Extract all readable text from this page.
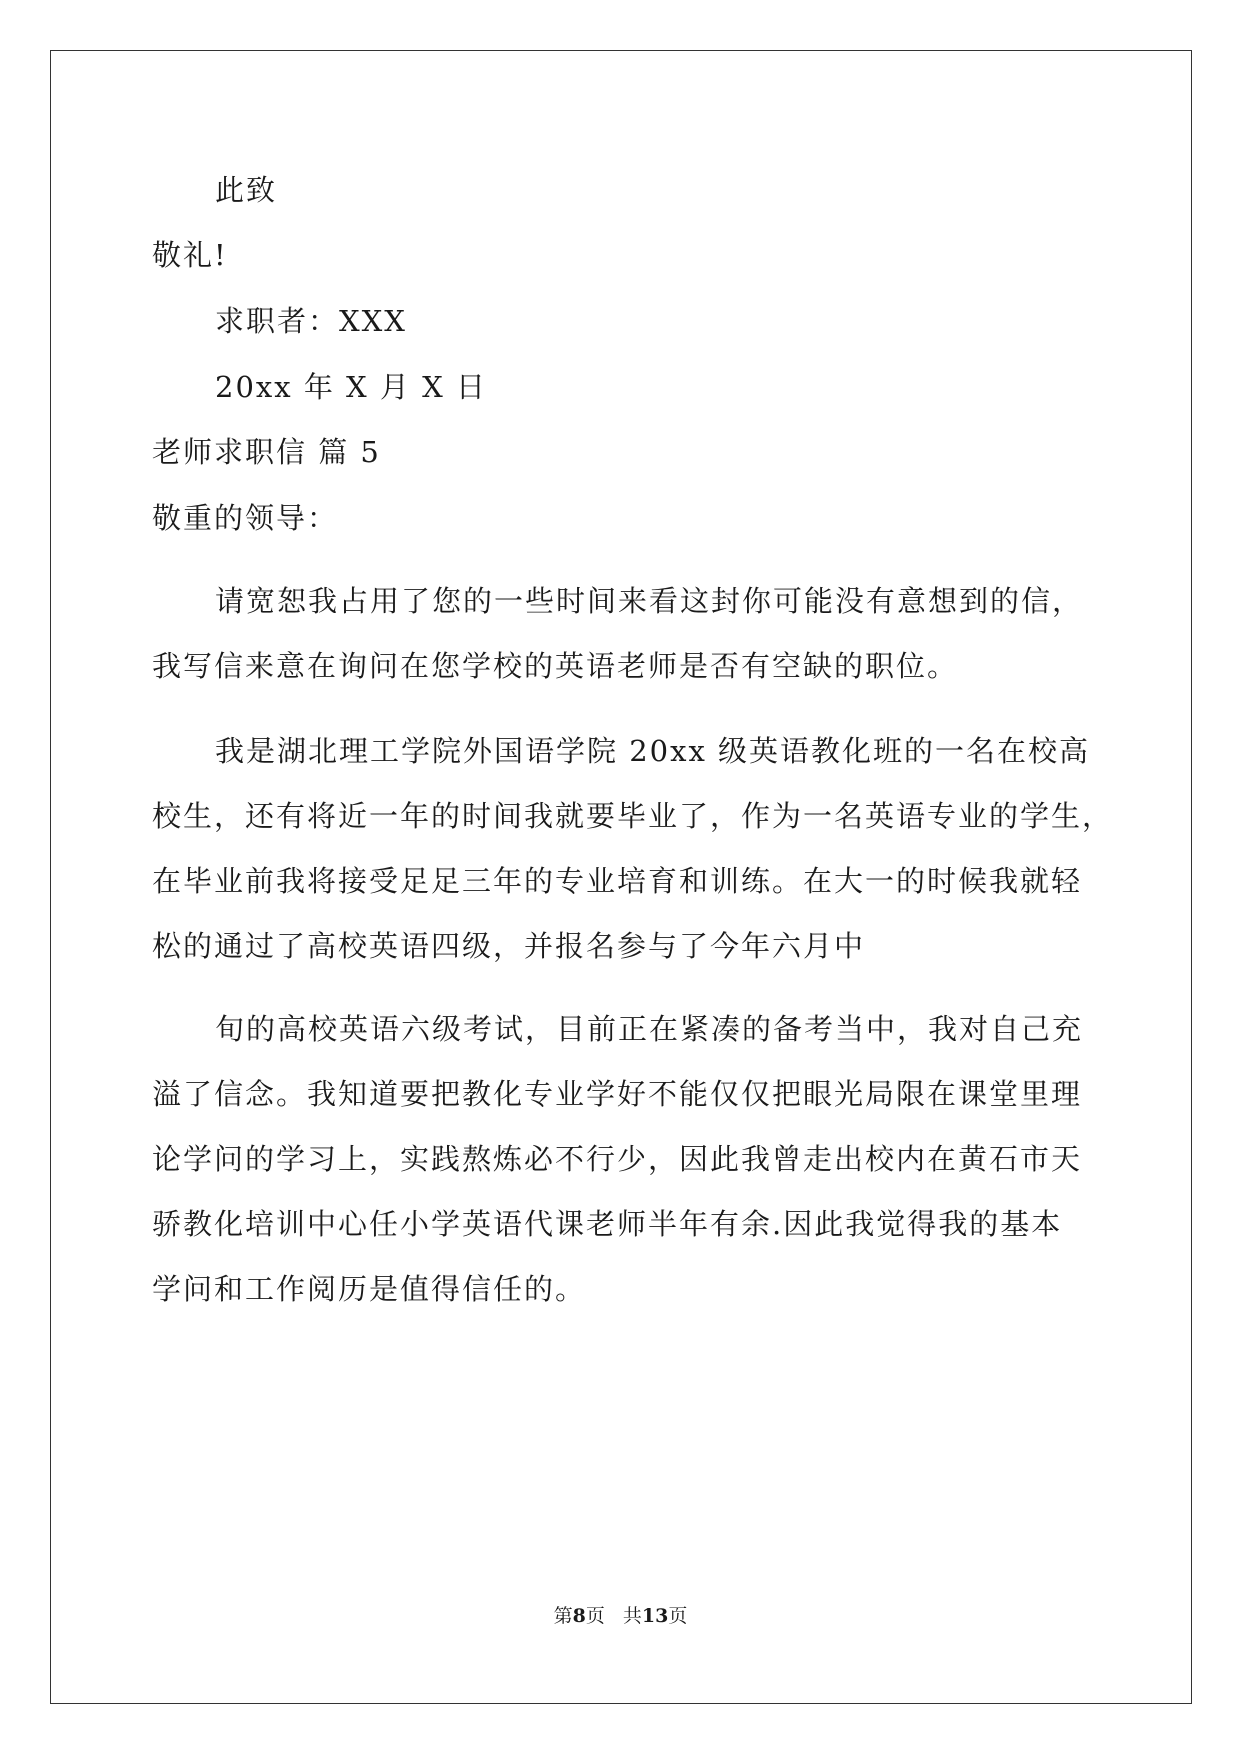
此致
敬礼!
求职者：XXX
20xx 年 X 月 X 日
老师求职信 篇 5
敬重的领导：
请宽恕我占用了您的一些时间来看这封你可能没有意想到的信，
我写信来意在询问在您学校的英语老师是否有空缺的职位。
我是湖北理工学院外国语学院 20xx 级英语教化班的一名在校高
校生，还有将近一年的时间我就要毕业了，作为一名英语专业的学生，
在毕业前我将接受足足三年的专业培育和训练。在大一的时候我就轻
松的通过了高校英语四级，并报名参与了今年六月中
旬的高校英语六级考试，目前正在紧凑的备考当中，我对自己充
溢了信念。我知道要把教化专业学好不能仅仅把眼光局限在课堂里理
论学问的学习上，实践熬炼必不行少，因此我曾走出校内在黄石市天
骄教化培训中心任小学英语代课老师半年有余.因此我觉得我的基本
学问和工作阅历是值得信任的。
第8页 共13页
